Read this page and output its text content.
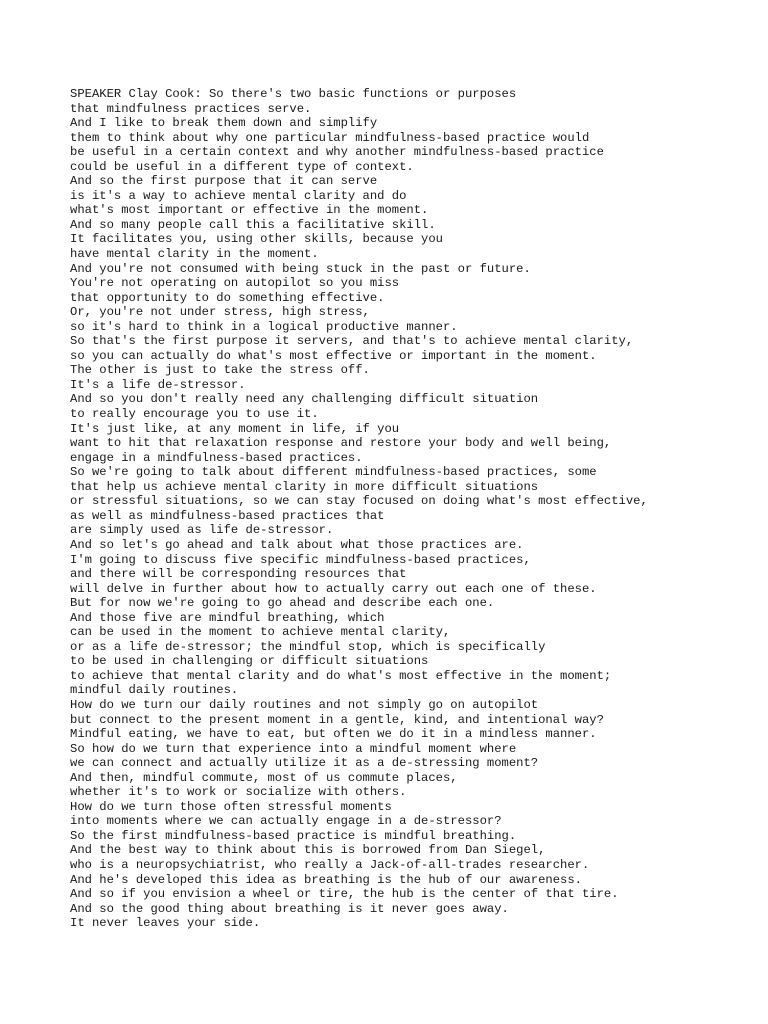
SPEAKER Clay Cook: So there's two basic functions or purposes
that mindfulness practices serve.
And I like to break them down and simplify
them to think about why one particular mindfulness-based practice would
be useful in a certain context and why another mindfulness-based practice
could be useful in a different type of context.
And so the first purpose that it can serve
is it's a way to achieve mental clarity and do
what's most important or effective in the moment.
And so many people call this a facilitative skill.
It facilitates you, using other skills, because you
have mental clarity in the moment.
And you're not consumed with being stuck in the past or future.
You're not operating on autopilot so you miss
that opportunity to do something effective.
Or, you're not under stress, high stress,
so it's hard to think in a logical productive manner.
So that's the first purpose it servers, and that's to achieve mental clarity,
so you can actually do what's most effective or important in the moment.
The other is just to take the stress off.
It's a life de-stressor.
And so you don't really need any challenging difficult situation
to really encourage you to use it.
It's just like, at any moment in life, if you
want to hit that relaxation response and restore your body and well being,
engage in a mindfulness-based practices.
So we're going to talk about different mindfulness-based practices, some
that help us achieve mental clarity in more difficult situations
or stressful situations, so we can stay focused on doing what's most effective,
as well as mindfulness-based practices that
are simply used as life de-stressor.
And so let's go ahead and talk about what those practices are.
I'm going to discuss five specific mindfulness-based practices,
and there will be corresponding resources that
will delve in further about how to actually carry out each one of these.
But for now we're going to go ahead and describe each one.
And those five are mindful breathing, which
can be used in the moment to achieve mental clarity,
or as a life de-stressor; the mindful stop, which is specifically
to be used in challenging or difficult situations
to achieve that mental clarity and do what's most effective in the moment;
mindful daily routines.
How do we turn our daily routines and not simply go on autopilot
but connect to the present moment in a gentle, kind, and intentional way?
Mindful eating, we have to eat, but often we do it in a mindless manner.
So how do we turn that experience into a mindful moment where
we can connect and actually utilize it as a de-stressing moment?
And then, mindful commute, most of us commute places,
whether it's to work or socialize with others.
How do we turn those often stressful moments
into moments where we can actually engage in a de-stressor?
So the first mindfulness-based practice is mindful breathing.
And the best way to think about this is borrowed from Dan Siegel,
who is a neuropsychiatrist, who really a Jack-of-all-trades researcher.
And he's developed this idea as breathing is the hub of our awareness.
And so if you envision a wheel or tire, the hub is the center of that tire.
And so the good thing about breathing is it never goes away.
It never leaves your side.
